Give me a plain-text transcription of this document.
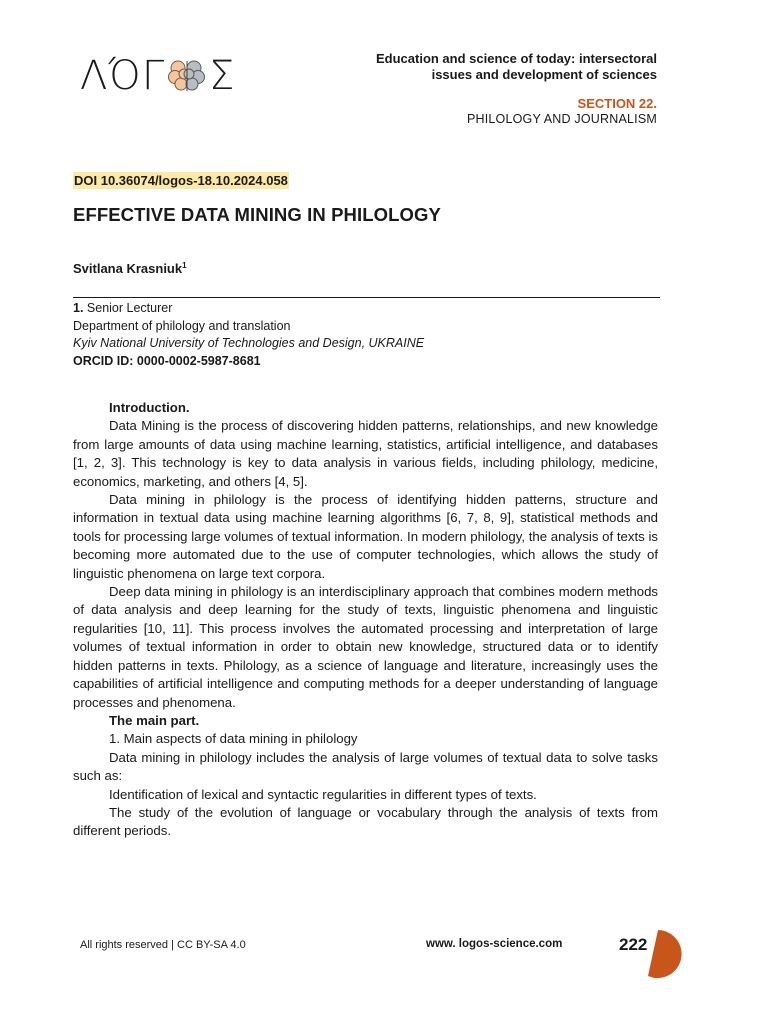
ΛΌΓ Σ	Education and science of today: intersectoral
issues and development of sciences
SECTION 22.
PHILOLOGY AND JOURNALISM
DOI 10.36074/logos-18.10.2024.058
EFFECTIVE DATA MINING IN PHILOLOGY
Svitlana Krasniuk$^1$
1. Senior Lecturer
Department of philology and translation
Kyiv National University of Technologies and Design, UKRAINE
ORCID ID: 0000-0002-5987-8681

Introduction.

Data Mining is the process of discovering hidden patterns, relationships, and new knowledge from large amounts of data using machine learning, statistics, artificial intelligence, and databases [1, 2, 3]. This technology is key to data analysis in various fields, including philology, medicine, economics, marketing, and others [4, 5].

Data mining in philology is the process of identifying hidden patterns, structure and information in textual data using machine learning algorithms [6, 7, 8, 9], statistical methods and tools for processing large volumes of textual information. In modern philology, the analysis of texts is becoming more automated due to the use of computer technologies, which allows the study of linguistic phenomena on large text corpora.

Deep data mining in philology is an interdisciplinary approach that combines modern methods of data analysis and deep learning for the study of texts, linguistic phenomena and linguistic regularities [10, 11]. This process involves the automated processing and interpretation of large volumes of textual information in order to obtain new knowledge, structured data or to identify hidden patterns in texts. Philology, as a science of language and literature, increasingly uses the capabilities of artificial intelligence and computing methods for a deeper understanding of language processes and phenomena.

The main part.

1. Main aspects of data mining in philology

Data mining in philology includes the analysis of large volumes of textual data to solve tasks such as:

Identification of lexical and syntactic regularities in different types of texts.

The study of the evolution of language or vocabulary through the analysis of texts from different periods.

All rights reserved | CC BY-SA 4.0	www. logos-science.com	222
